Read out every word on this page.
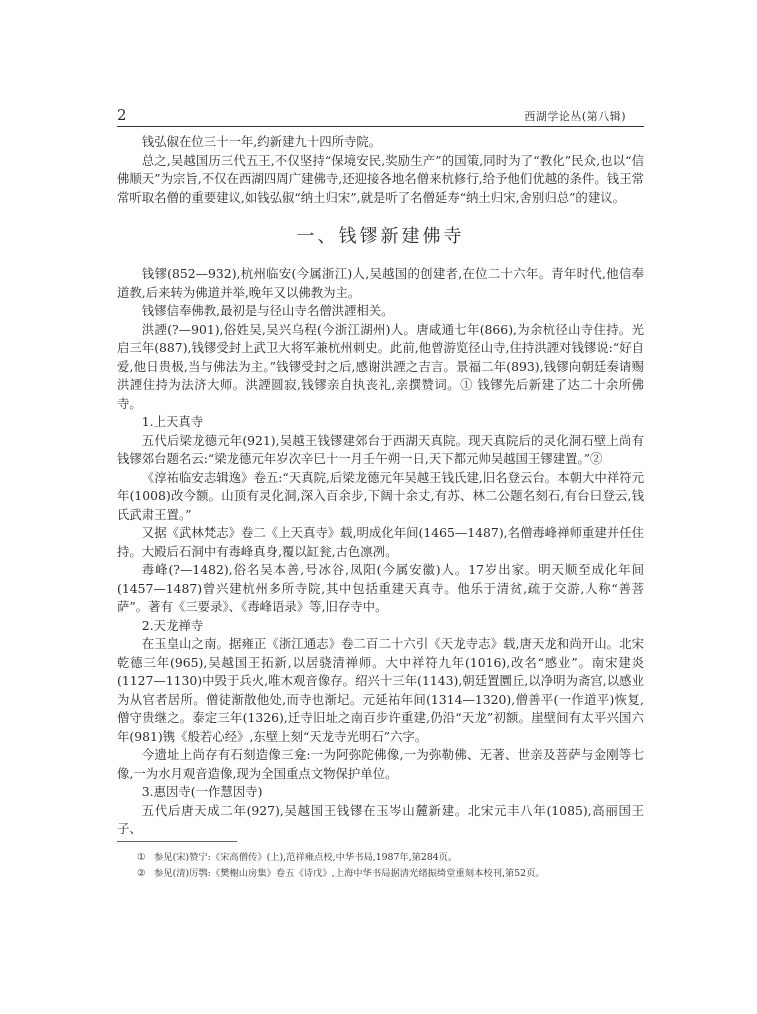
2	西湖学论丛(第八辑)

钱弘俶在位三十一年,约新建九十四所寺院。

总之,吴越国历三代五王,不仅坚持“保境安民,奖励生产”的国策,同时为了“教化”民众,也以“信佛顺天”为宗旨,不仅在西湖四周广建佛寺,还迎接各地名僧来杭修行,给予他们优越的条件。钱王常常听取名僧的重要建议,如钱弘俶“纳土归宋”,就是听了名僧延寿“纳土归宋,舍别归总”的建议。

一、钱镠新建佛寺

钱镠(852—932),杭州临安(今属浙江)人,吴越国的创建者,在位二十六年。青年时代,他信奉道教,后来转为佛道并举,晚年又以佛教为主。

钱镠信奉佛教,最初是与径山寺名僧洪諲相关。

洪諲(?—901),俗姓吴,吴兴乌程(今浙江湖州)人。唐咸通七年(866),为余杭径山寺住持。光启三年(887),钱镠受封上武卫大将军兼杭州刺史。此前,他曾游览径山寺,住持洪諲对钱镠说:“好自爱,他日贵极,当与佛法为主。”钱镠受封之后,感谢洪諲之吉言。景福二年(893),钱镠向朝廷奏请赐洪諲住持为法济大师。洪諲圆寂,钱镠亲自执丧礼,亲撰赞词。① 钱镠先后新建了达二十余所佛寺。

1.上天真寺

五代后梁龙德元年(921),吴越王钱镠建郊台于西湖天真院。现天真院后的灵化洞石壁上尚有钱镠郊台题名云:“梁龙德元年岁次辛巳十一月壬午朔一日,天下都元帅吴越国王镠建置。”②

《淳祐临安志辑逸》卷五:“天真院,后梁龙德元年吴越王钱氏建,旧名登云台。本朝大中祥符元年(1008)改今额。山顶有灵化洞,深入百余步,下阔十余丈,有苏、林二公题名刻石,有台曰登云,钱氏武肃王置。”

又据《武林梵志》卷二《上天真寺》载,明成化年间(1465—1487),名僧毒峰禅师重建并任住持。大殿后石洞中有毒峰真身,覆以缸瓮,古色凛冽。

毒峰(?—1482),俗名吴本善,号冰谷,凤阳(今属安徽)人。17岁出家。明天顺至成化年间(1457—1487)曾兴建杭州多所寺院,其中包括重建天真寺。他乐于清贫,疏于交游,人称“善菩萨”。著有《三要录》、《毒峰语录》等,旧存寺中。

2.天龙禅寺

在玉皇山之南。据雍正《浙江通志》卷二百二十六引《天龙寺志》载,唐天龙和尚开山。北宋乾德三年(965),吴越国王拓新,以居骁清禅师。大中祥符九年(1016),改名“感业”。南宋建炎(1127—1130)中毁于兵火,唯木观音像存。绍兴十三年(1143),朝廷置圜丘,以净明为斋宫,以感业为从官者居所。僧徒渐散他处,而寺也渐圮。元延祐年间(1314—1320),僧善平(一作道平)恢复,僧守贵继之。泰定三年(1326),迁寺旧址之南百步许重建,仍沿“天龙”初额。崖壁间有太平兴国六年(981)镌《般若心经》,东壁上刻“天龙寺光明石”六字。

今遗址上尚存有石刻造像三龛:一为阿弥陀佛像,一为弥勒佛、无著、世亲及菩萨与金刚等七像,一为水月观音造像,现为全国重点文物保护单位。

3.惠因寺(一作慧因寺)

五代后唐天成二年(927),吴越国王钱镠在玉岑山麓新建。北宋元丰八年(1085),高丽国王子、

① 参见(宋)赞宁:《宋高僧传》(上),范祥雍点校,中华书局,1987年,第284页。

② 参见(清)厉鹗:《樊榭山房集》卷五《诗戊》,上海中华书局据清光绪振绮堂重刻本校刊,第52页。
